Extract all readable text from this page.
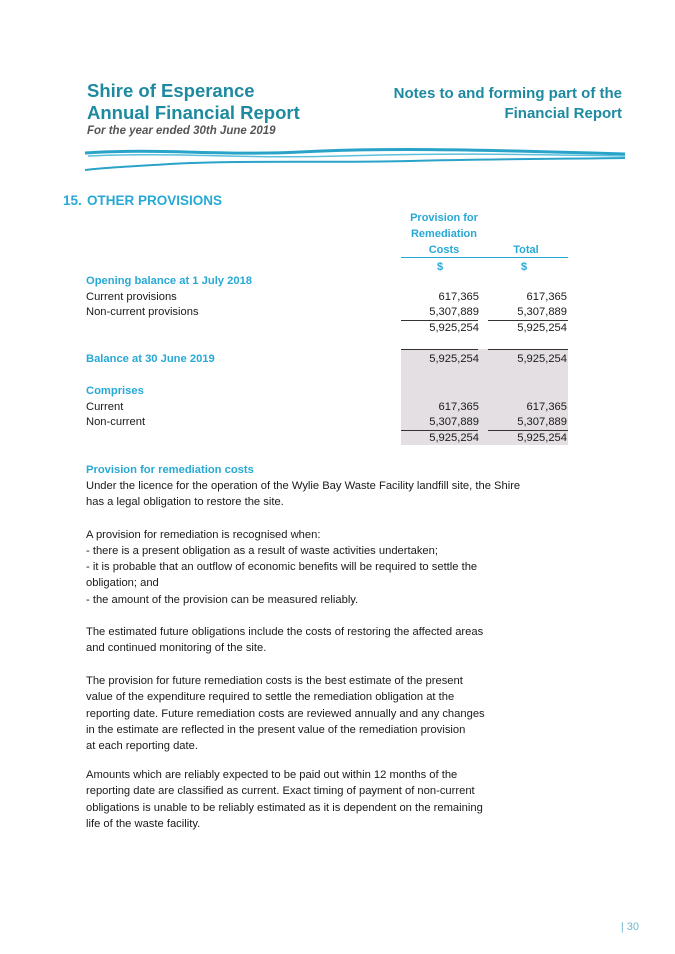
Shire of Esperance
Annual Financial Report
For the year ended 30th June 2019
Notes to and forming part of the
Financial Report
15. OTHER PROVISIONS
Provision for
Remediation
Costs	Total
$	$
Opening balance at 1 July 2018
Current provisions	617,365	617,365
Non-current provisions	5,307,889	5,307,889
5,925,254	5,925,254
Balance at 30 June 2019	5,925,254	5,925,254
Comprises
Current	617,365	617,365
Non-current	5,307,889	5,307,889
5,925,254	5,925,254
Provision for remediation costs
Under the licence for the operation of the Wylie Bay Waste Facility landfill site, the Shire
has a legal obligation to restore the site.
A provision for remediation is recognised when:
- there is a present obligation as a result of waste activities undertaken;
- it is probable that an outflow of economic benefits will be required to settle the
obligation; and
- the amount of the provision can be measured reliably.
The estimated future obligations include the costs of restoring the affected areas
and continued monitoring of the site.
The provision for future remediation costs is the best estimate of the present
value of the expenditure required to settle the remediation obligation at the
reporting date. Future remediation costs are reviewed annually and any changes
in the estimate are reflected in the present value of the remediation provision
at each reporting date.
Amounts which are reliably expected to be paid out within 12 months of the
reporting date are classified as current. Exact timing of payment of non-current
obligations is unable to be reliably estimated as it is dependent on the remaining
life of the waste facility.
| 30
